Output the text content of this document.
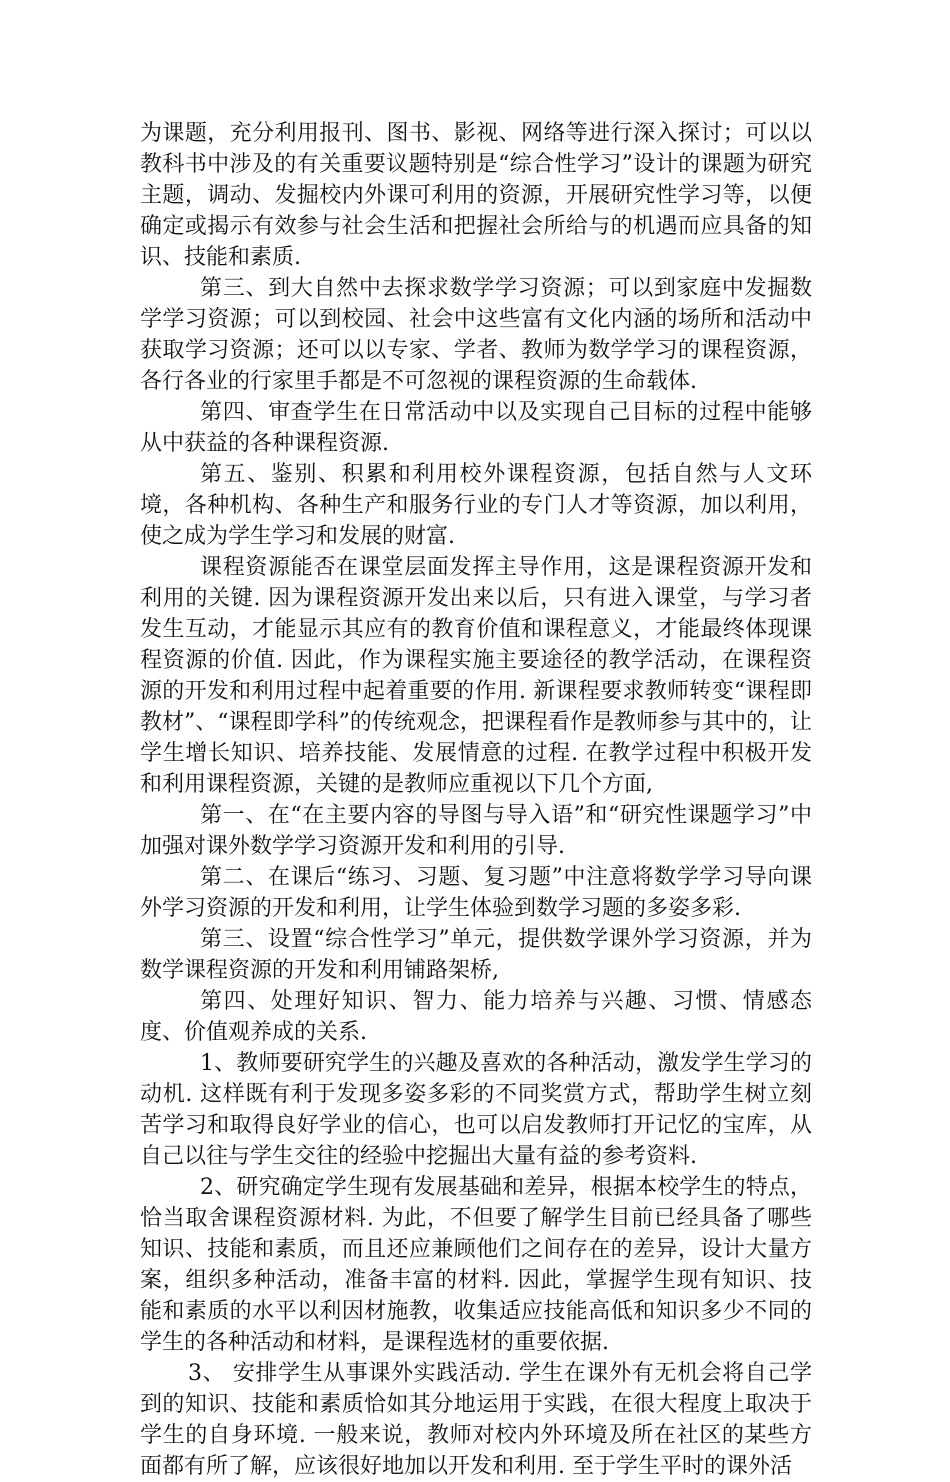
为课题，充分利用报刊、图书、影视、网络等进行深入探讨；可以以教科书中涉及的有关重要议题特别是“综合性学习”设计的课题为研究主题，调动、发掘校内外课可利用的资源，开展研究性学习等，以便确定或揭示有效参与社会生活和把握社会所给与的机遇而应具备的知识、技能和素质.

第三、到大自然中去探求数学学习资源；可以到家庭中发掘数学学习资源；可以到校园、社会中这些富有文化内涵的场所和活动中获取学习资源；还可以以专家、学者、教师为数学学习的课程资源，各行各业的行家里手都是不可忽视的课程资源的生命载体.

第四、审查学生在日常活动中以及实现自己目标的过程中能够从中获益的各种课程资源.

第五、鉴别、积累和利用校外课程资源，包括自然与人文环境，各种机构、各种生产和服务行业的专门人才等资源，加以利用，使之成为学生学习和发展的财富.

课程资源能否在课堂层面发挥主导作用，这是课程资源开发和利用的关键. 因为课程资源开发出来以后，只有进入课堂，与学习者发生互动，才能显示其应有的教育价值和课程意义，才能最终体现课程资源的价值. 因此，作为课程实施主要途径的教学活动，在课程资源的开发和利用过程中起着重要的作用. 新课程要求教师转变“课程即教材”、“课程即学科”的传统观念，把课程看作是教师参与其中的，让学生增长知识、培养技能、发展情意的过程. 在教学过程中积极开发和利用课程资源，关键的是教师应重视以下几个方面,

第一、在“在主要内容的导图与导入语”和“研究性课题学习”中加强对课外数学学习资源开发和利用的引导.

第二、在课后“练习、习题、复习题”中注意将数学学习导向课外学习资源的开发和利用，让学生体验到数学习题的多姿多彩.

第三、设置“综合性学习”单元，提供数学课外学习资源，并为数学课程资源的开发和利用铺路架桥,

第四、处理好知识、智力、能力培养与兴趣、习惯、情感态度、价值观养成的关系.

1、教师要研究学生的兴趣及喜欢的各种活动，激发学生学习的动机. 这样既有利于发现多姿多彩的不同奖赏方式，帮助学生树立刻苦学习和取得良好学业的信心，也可以启发教师打开记忆的宝库，从自己以往与学生交往的经验中挖掘出大量有益的参考资料.

2、研究确定学生现有发展基础和差异，根据本校学生的特点，恰当取舍课程资源材料. 为此，不但要了解学生目前已经具备了哪些知识、技能和素质，而且还应兼顾他们之间存在的差异，设计大量方案，组织多种活动，准备丰富的材料. 因此，掌握学生现有知识、技能和素质的水平以利因材施教，收集适应技能高低和知识多少不同的学生的各种活动和材料，是课程选材的重要依据.

3、 安排学生从事课外实践活动. 学生在课外有无机会将自己学到的知识、技能和素质恰如其分地运用于实践，在很大程度上取决于学生的自身环境. 一般来说，教师对校内外环境及所在社区的某些方面都有所了解，应该很好地加以开发和利用. 至于学生平时的课外活
